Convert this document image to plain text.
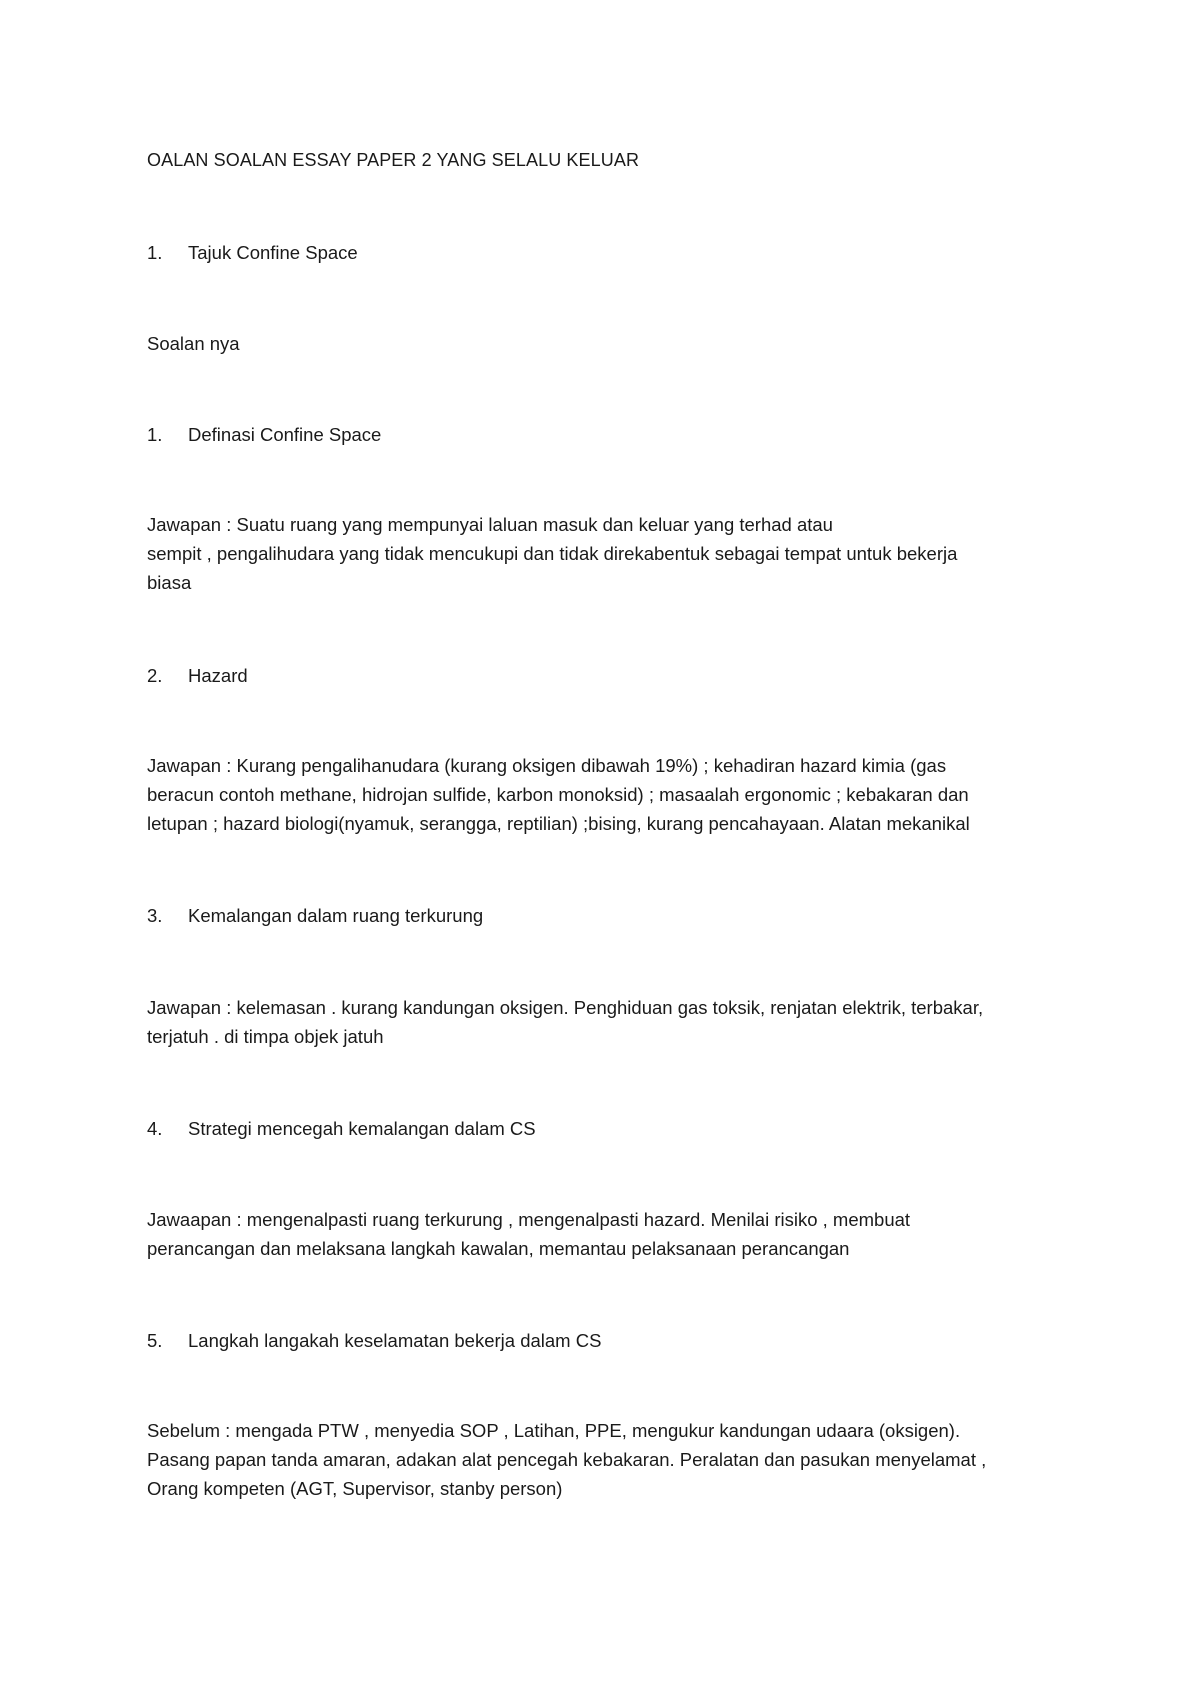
OALAN SOALAN ESSAY PAPER 2 YANG SELALU KELUAR
1. Tajuk Confine Space
Soalan nya
1. Definasi Confine Space
Jawapan : Suatu ruang yang mempunyai laluan masuk dan keluar yang terhad atau
sempit , pengalihudara yang tidak mencukupi dan tidak direkabentuk sebagai tempat untuk bekerja
biasa
2. Hazard
Jawapan : Kurang pengalihanudara (kurang oksigen dibawah 19%) ; kehadiran hazard kimia (gas
beracun contoh methane, hidrojan sulfide, karbon monoksid) ; masaalah ergonomic ; kebakaran dan
letupan ; hazard biologi(nyamuk, serangga, reptilian) ;bising, kurang pencahayaan. Alatan mekanikal
3. Kemalangan dalam ruang terkurung
Jawapan : kelemasan . kurang kandungan oksigen. Penghiduan gas toksik, renjatan elektrik, terbakar,
terjatuh . di timpa objek jatuh
4. Strategi mencegah kemalangan dalam CS
Jawaapan : mengenalpasti ruang terkurung , mengenalpasti hazard. Menilai risiko , membuat
perancangan dan melaksana langkah kawalan, memantau pelaksanaan perancangan
5. Langkah langakah keselamatan bekerja dalam CS
Sebelum : mengada PTW , menyedia SOP , Latihan, PPE, mengukur kandungan udaara (oksigen).
Pasang papan tanda amaran, adakan alat pencegah kebakaran. Peralatan dan pasukan menyelamat ,
Orang kompeten (AGT, Supervisor, stanby person)
